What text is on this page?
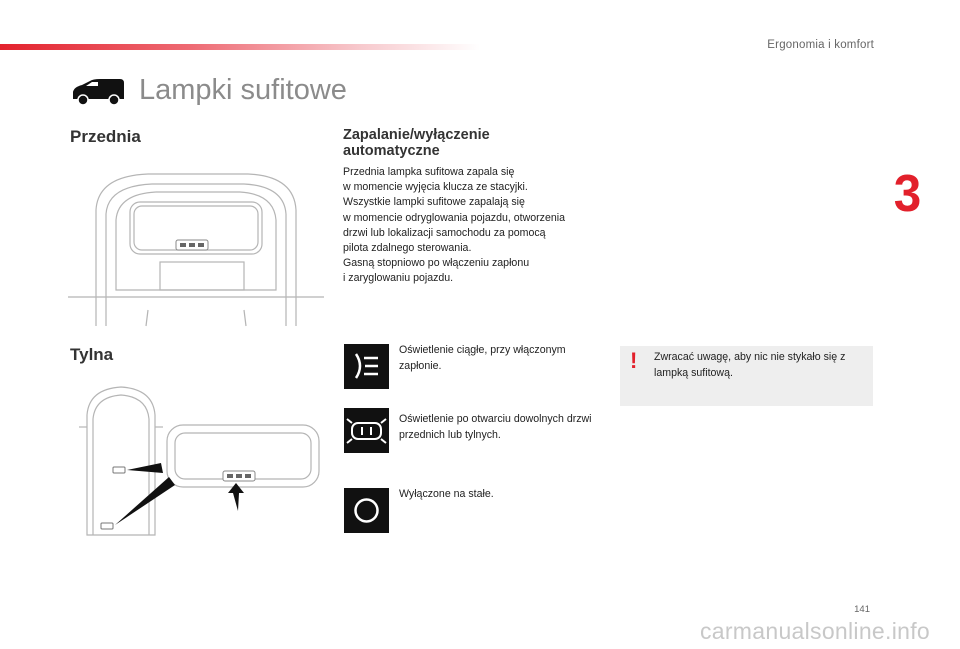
Ergonomia i komfort
3
Lampki sufitowe
Przednia	Zapalanie/wyłączenie automatyczne

Przednia lampka sufitowa zapala się

w momencie wyjęcia klucza ze stacyjki.

Wszystkie lampki sufitowe zapalają się

w momencie odryglowania pojazdu, otworzenia

drzwi lub lokalizacji samochodu za pomocą

pilota zdalnego sterowania.

Gasną stopniowo po włączeniu zapłonu

i zaryglowaniu pojazdu.

Tylna	Oświetlenie ciągłe, przy włączonym zapłonie.
Oświetlenie po otwarciu dowolnych drzwi przednich lub tylnych.
Wyłączone na stałe.
! Zwracać uwagę, aby nic nie stykało się z lampką sufitową.
141
carmanualsonline.info
